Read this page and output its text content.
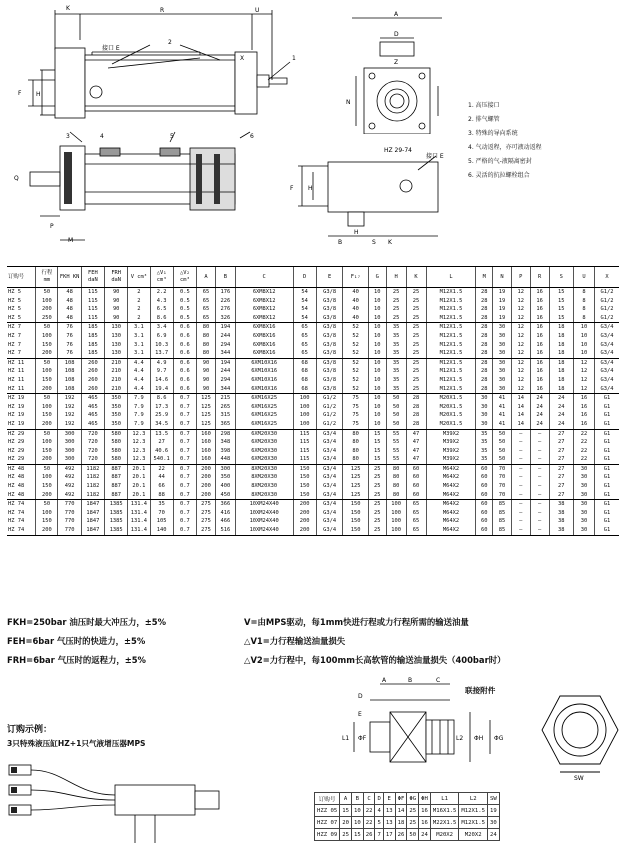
K	R	U
F H
2
1
X
接口 E
A
D
Z
N	1. 高压接口
2. 排气螺管
3. 特殊的导向系统
4. 气动返程，亦可液动返程
5. 严格的气-液隔离密封
6. 灵活的抗拉螺栓组合
3	5	6
4
Q
P
M
HZ 29-74
接口 E
F H
H
B	S K
订购号	行程 mm	FKH KN	FEH daN	FRH daN	V cm³	△V₁ cm³	△V₂ cm³	A	B	C	D	E	F₁₇	G	H	K	L	M	N	P	R	S	U	X
HZ 5	50	48	115	90	2	2.2	0.5	65	176	6XM8X12	54	G3/8	40	10	25	25	M12X1.5	28	19	12	16	15	8	G1/2
HZ 5	100	48	115	90	2	4.3	0.5	65	226	6XM8X12	54	G3/8	40	10	25	25	M12X1.5	28	19	12	16	15	8	G1/2
HZ 5	200	48	115	90	2	6.5	0.5	65	276	6XM8X12	54	G3/8	40	10	25	25	M12X1.5	28	19	12	16	15	8	G1/2
HZ 5	250	48	115	90	2	8.6	0.5	65	326	6XM8X12	54	G3/8	40	10	25	25	M12X1.5	28	19	12	16	15	8	G1/2
HZ 7	50	76	185	130	3.1	3.4	0.6	80	194	6XM8X16	65	G3/8	52	10	35	25	M12X1.5	28	30	12	16	18	10	G3/4
HZ 7	100	76	185	130	3.1	6.9	0.6	80	244	6XM8X16	65	G3/8	52	10	35	25	M12X1.5	28	30	12	16	18	10	G3/4
HZ 7	150	76	185	130	3.1	10.3	0.6	80	294	6XM8X16	65	G3/8	52	10	35	25	M12X1.5	28	30	12	16	18	10	G3/4
HZ 7	200	76	185	130	3.1	13.7	0.6	80	344	6XM8X16	65	G3/8	52	10	35	25	M12X1.5	28	30	12	16	18	10	G3/4
HZ 11	50	108	260	210	4.4	4.9	0.6	90	194	6XM10X16	68	G3/8	52	10	35	25	M12X1.5	28	30	12	16	18	12	G3/4
HZ 11	100	108	260	210	4.4	9.7	0.6	90	244	6XM10X16	68	G3/8	52	10	35	25	M12X1.5	28	30	12	16	18	12	G3/4
HZ 11	150	108	260	210	4.4	14.6	0.6	90	294	6XM10X16	68	G3/8	52	10	35	25	M12X1.5	28	30	12	16	18	12	G3/4
HZ 11	200	108	260	210	4.4	19.4	0.6	90	344	6XM10X16	68	G3/8	52	10	35	25	M12X1.5	28	30	12	16	18	12	G3/4
HZ 19	50	192	465	350	7.9	8.6	0.7	125	215	6XM16X25	100	G1/2	75	10	50	28	M20X1.5	30	41	14	24	24	16	G1
HZ 19	100	192	465	350	7.9	17.3	0.7	125	265	6XM16X25	100	G1/2	75	10	50	28	M20X1.5	30	41	14	24	24	16	G1
HZ 19	150	192	465	350	7.9	25.9	0.7	125	315	6XM16X25	100	G1/2	75	10	50	28	M20X1.5	30	41	14	24	24	16	G1
HZ 19	200	192	465	350	7.9	34.5	0.7	125	365	6XM16X25	100	G1/2	75	10	50	28	M20X1.5	30	41	14	24	24	16	G1
HZ 29	50	300	720	580	12.3	13.5	0.7	160	298	6XM20X30	115	G3/4	80	15	55	47	M39X2	35	50	—	—	27	22	G1
HZ 29	100	300	720	580	12.3	27	0.7	160	348	6XM20X30	115	G3/4	80	15	55	47	M39X2	35	50	—	—	27	22	G1
HZ 29	150	300	720	580	12.3	40.6	0.7	160	398	6XM20X30	115	G3/4	80	15	55	47	M39X2	35	50	—	—	27	22	G1
HZ 29	200	300	720	580	12.3	540.1	0.7	160	448	6XM20X30	115	G3/4	80	15	55	47	M39X2	35	50	—	—	27	22	G1
HZ 48	50	492	1182	887	20.1	22	0.7	200	300	8XM20X30	150	G3/4	125	25	80	60	M64X2	60	70	—	—	27	30	G1
HZ 48	100	492	1182	887	20.1	44	0.7	200	350	8XM20X30	150	G3/4	125	25	80	60	M64X2	60	70	—	—	27	30	G1
HZ 48	150	492	1182	887	20.1	66	0.7	200	400	8XM20X30	150	G3/4	125	25	80	60	M64X2	60	70	—	—	27	30	G1
HZ 48	200	492	1182	887	20.1	88	0.7	200	450	8XM20X30	150	G3/4	125	25	80	60	M64X2	60	70	—	—	27	30	G1
HZ 74	50	770	1847	1385	131.4	35	0.7	275	366	10XM24X40	200	G3/4	150	25	100	65	M64X2	60	85	—	—	38	30	G1
HZ 74	100	770	1847	1385	131.4	70	0.7	275	416	10XM24X40	200	G3/4	150	25	100	65	M64X2	60	85	—	—	38	30	G1
HZ 74	150	770	1847	1385	131.4	105	0.7	275	466	10XM24X40	200	G3/4	150	25	100	65	M64X2	60	85	—	—	38	30	G1
HZ 74	200	770	1847	1385	131.4	140	0.7	275	516	10XM24X40	200	G3/4	150	25	100	65	M64X2	60	85	—	—	38	30	G1
FKH=250bar 油压时最大冲压力，±5%
FEH=6bar 气压时的快进力，±5%
FRH=6bar 气压时的返程力，±5%
V=由MPS驱动，每1mm快进行程或力行程所需的输送油量
△V1=力行程输送油量损失
△V2=力行程中，每100mm长高软管的输送油量损失（400bar时）
订购示例：
3只特殊液压缸HZ+1只气液增压器MPS
联接附件
A	B	C
D
E
ΦF
L1	L2 ΦH ΦG
SW
订购号	A	B	C	D	E	ΦF	ΦG	ΦH	L1	L2	SW
HZZ 05	15	10	22	4	13	14	25	16	M16X1.5	M12X1.5	19
HZZ 07	20	10	22	5	13	18	25	16	M22X1.5	M12X1.5	30
HZZ 09	25	15	26	7	17	26	50	24	M20X2	M20X2	24
